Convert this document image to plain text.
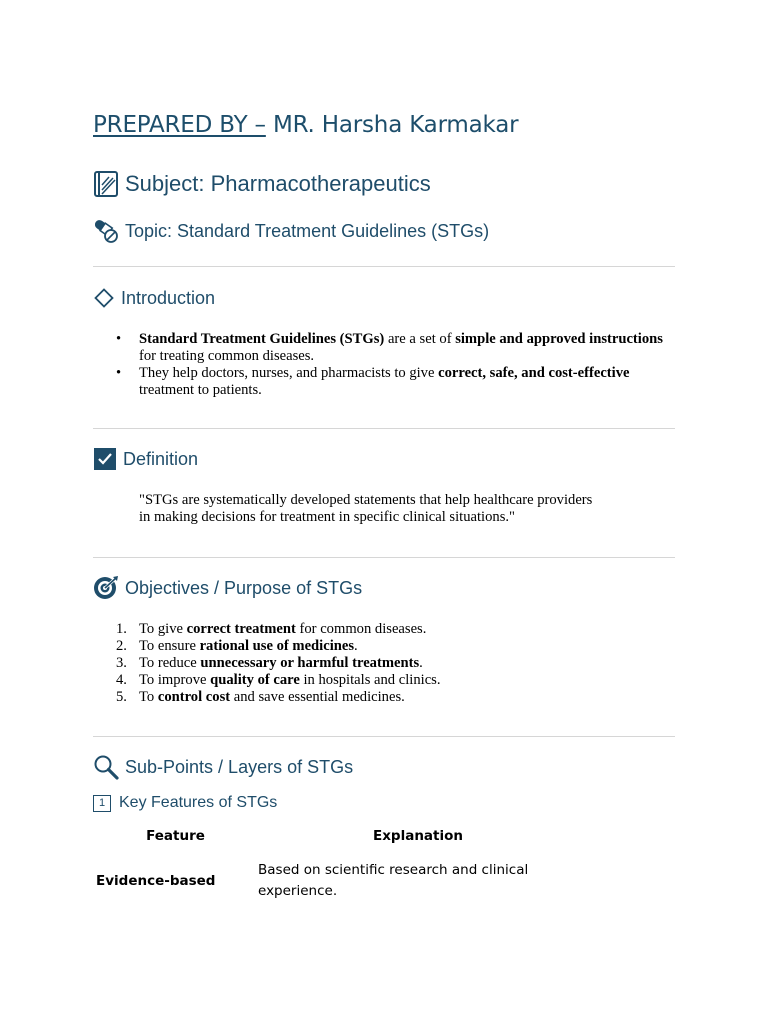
PREPARED BY – MR. Harsha Karmakar
Subject: Pharmacotherapeutics
Topic: Standard Treatment Guidelines (STGs)
Introduction
• Standard Treatment Guidelines (STGs) are a set of simple and approved instructions for treating common diseases.
• They help doctors, nurses, and pharmacists to give correct, safe, and cost-effective treatment to patients.
Definition
"STGs are systematically developed statements that help healthcare providers
in making decisions for treatment in specific clinical situations."
Objectives / Purpose of STGs
1. To give correct treatment for common diseases.
2. To ensure rational use of medicines.
3. To reduce unnecessary or harmful treatments.
4. To improve quality of care in hospitals and clinics.
5. To control cost and save essential medicines.
Sub-Points / Layers of STGs
1 Key Features of STGs
Feature	Explanation
Evidence-based	Based on scientific research and clinical experience.
